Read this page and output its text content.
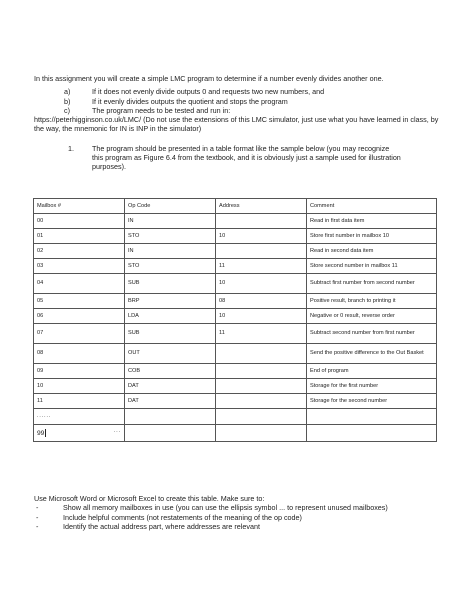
In this assignment you will create a simple LMC program to determine if a number evenly divides another one.

a)	If it does not evenly divide outputs 0 and requests two new numbers, and
b)	If it evenly divides outputs the quotient and stops the program
c)	The program needs to be tested and run in:

https://peterhigginson.co.uk/LMC/ (Do not use the extensions of this LMC simulator, just use what you have learned in class, by the way, the mnemonic for IN is INP in the simulator)

1.	The program should be presented in a table format like the sample below (you may recognize this program as Figure 6.4 from the textbook, and it is obviously just a sample used for illustration purposes).
Mailbox #	Op Code	Address	Comment
00	IN		Read in first data item
01	STO	10	Store first number in mailbox 10
02	IN		Read in second data item
03	STO	11	Store second number in mailbox 11
04	SUB	10	Subtract first number from second number
05	BRP	08	Positive result, branch to printing it
06	LDA	10	Negative or 0 result, reverse order
07	SUB	11	Subtract second number from first number
08	OUT		Send the positive difference to the Out Basket
09	COB		End of program
10	DAT		Storage for the first number
11	DAT		Storage for the second number
......			
99 ...			

Use Microsoft Word or Microsoft Excel to create this table. Make sure to:

-	Show all memory mailboxes in use (you can use the ellipsis symbol ... to represent unused mailboxes)
-	Include helpful comments (not restatements of the meaning of the op code)
-	Identify the actual address part, where addresses are relevant
